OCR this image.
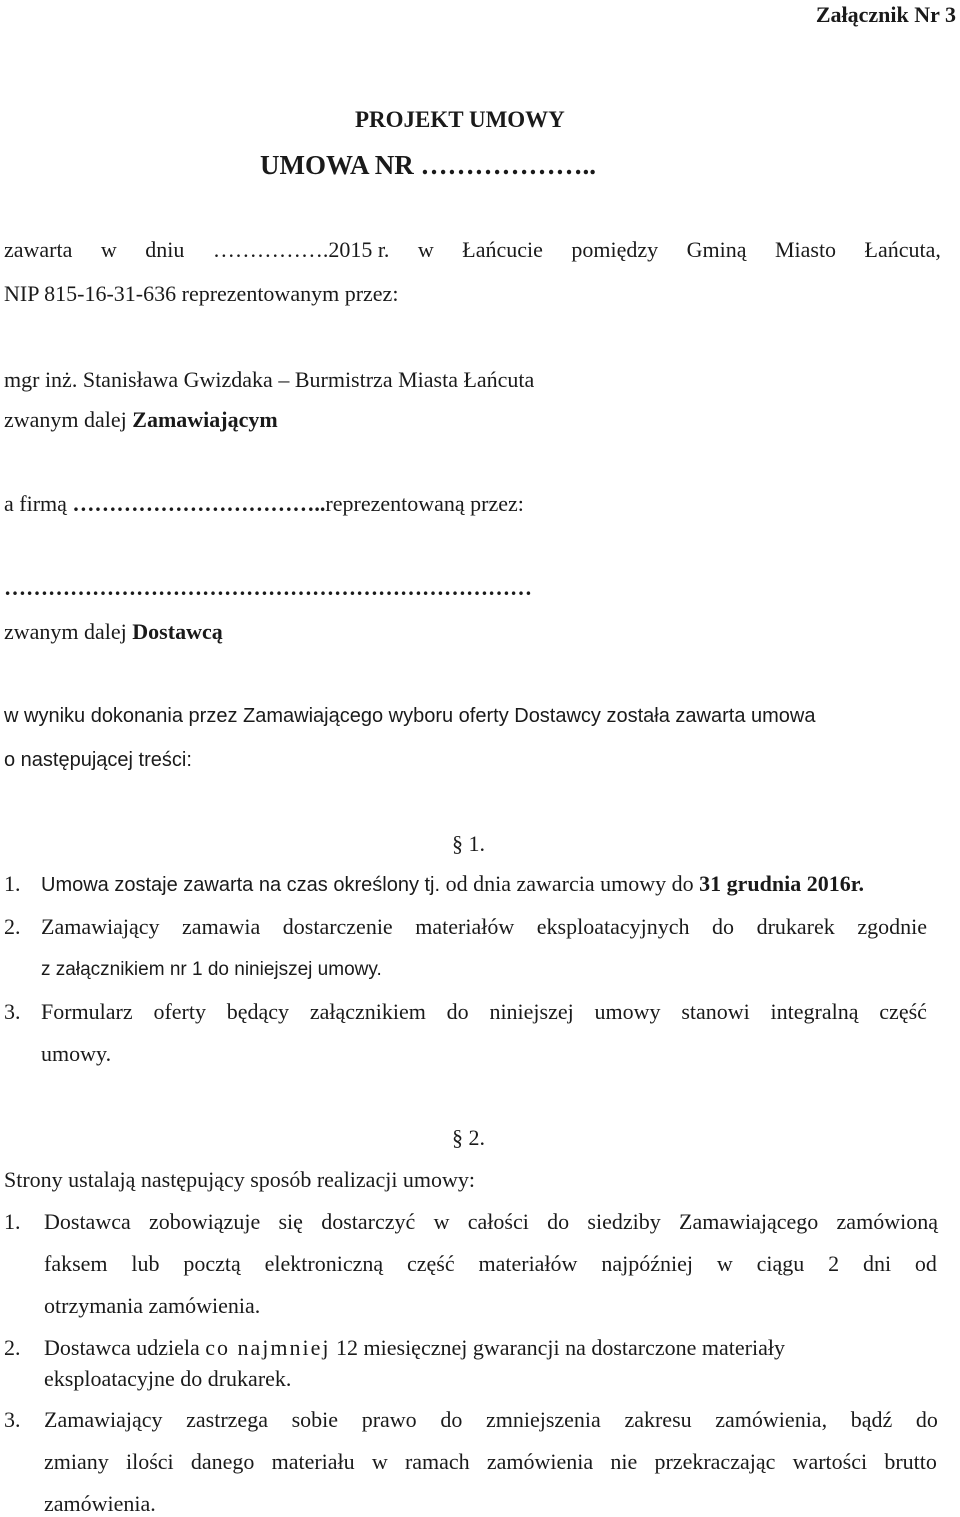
Załącznik Nr 3
PROJEKT UMOWY
UMOWA NR ………………..
zawarta w dniu …………….2015 r. w Łańcucie pomiędzy Gminą Miasto Łańcuta,
NIP 815-16-31-636 reprezentowanym przez:
mgr inż. Stanisława Gwizdaka – Burmistrza Miasta Łańcuta
zwanym dalej Zamawiającym
a firmą ……………………………..reprezentowaną przez:
………………………………………………………………
zwanym dalej Dostawcą
w wyniku dokonania przez Zamawiającego wyboru oferty Dostawcy została zawarta umowa
o następującej treści:
§ 1.
1. Umowa zostaje zawarta na czas określony tj. od dnia zawarcia umowy do 31 grudnia 2016r.
2. Zamawiający zamawia dostarczenie materiałów eksploatacyjnych do drukarek zgodnie
z załącznikiem nr 1 do niniejszej umowy.
3. Formularz oferty będący załącznikiem do niniejszej umowy stanowi integralną część
umowy.
§ 2.
Strony ustalają następujący sposób realizacji umowy:
1. Dostawca zobowiązuje się dostarczyć w całości do siedziby Zamawiającego zamówioną
faksem lub pocztą elektroniczną część materiałów najpóźniej w ciągu 2 dni od
otrzymania zamówienia.
2. Dostawca udziela co najmniej 12 miesięcznej gwarancji na dostarczone materiały
eksploatacyjne do drukarek.
3. Zamawiający zastrzega sobie prawo do zmniejszenia zakresu zamówienia, bądź do
zmiany ilości danego materiału w ramach zamówienia nie przekraczając wartości brutto
zamówienia.
